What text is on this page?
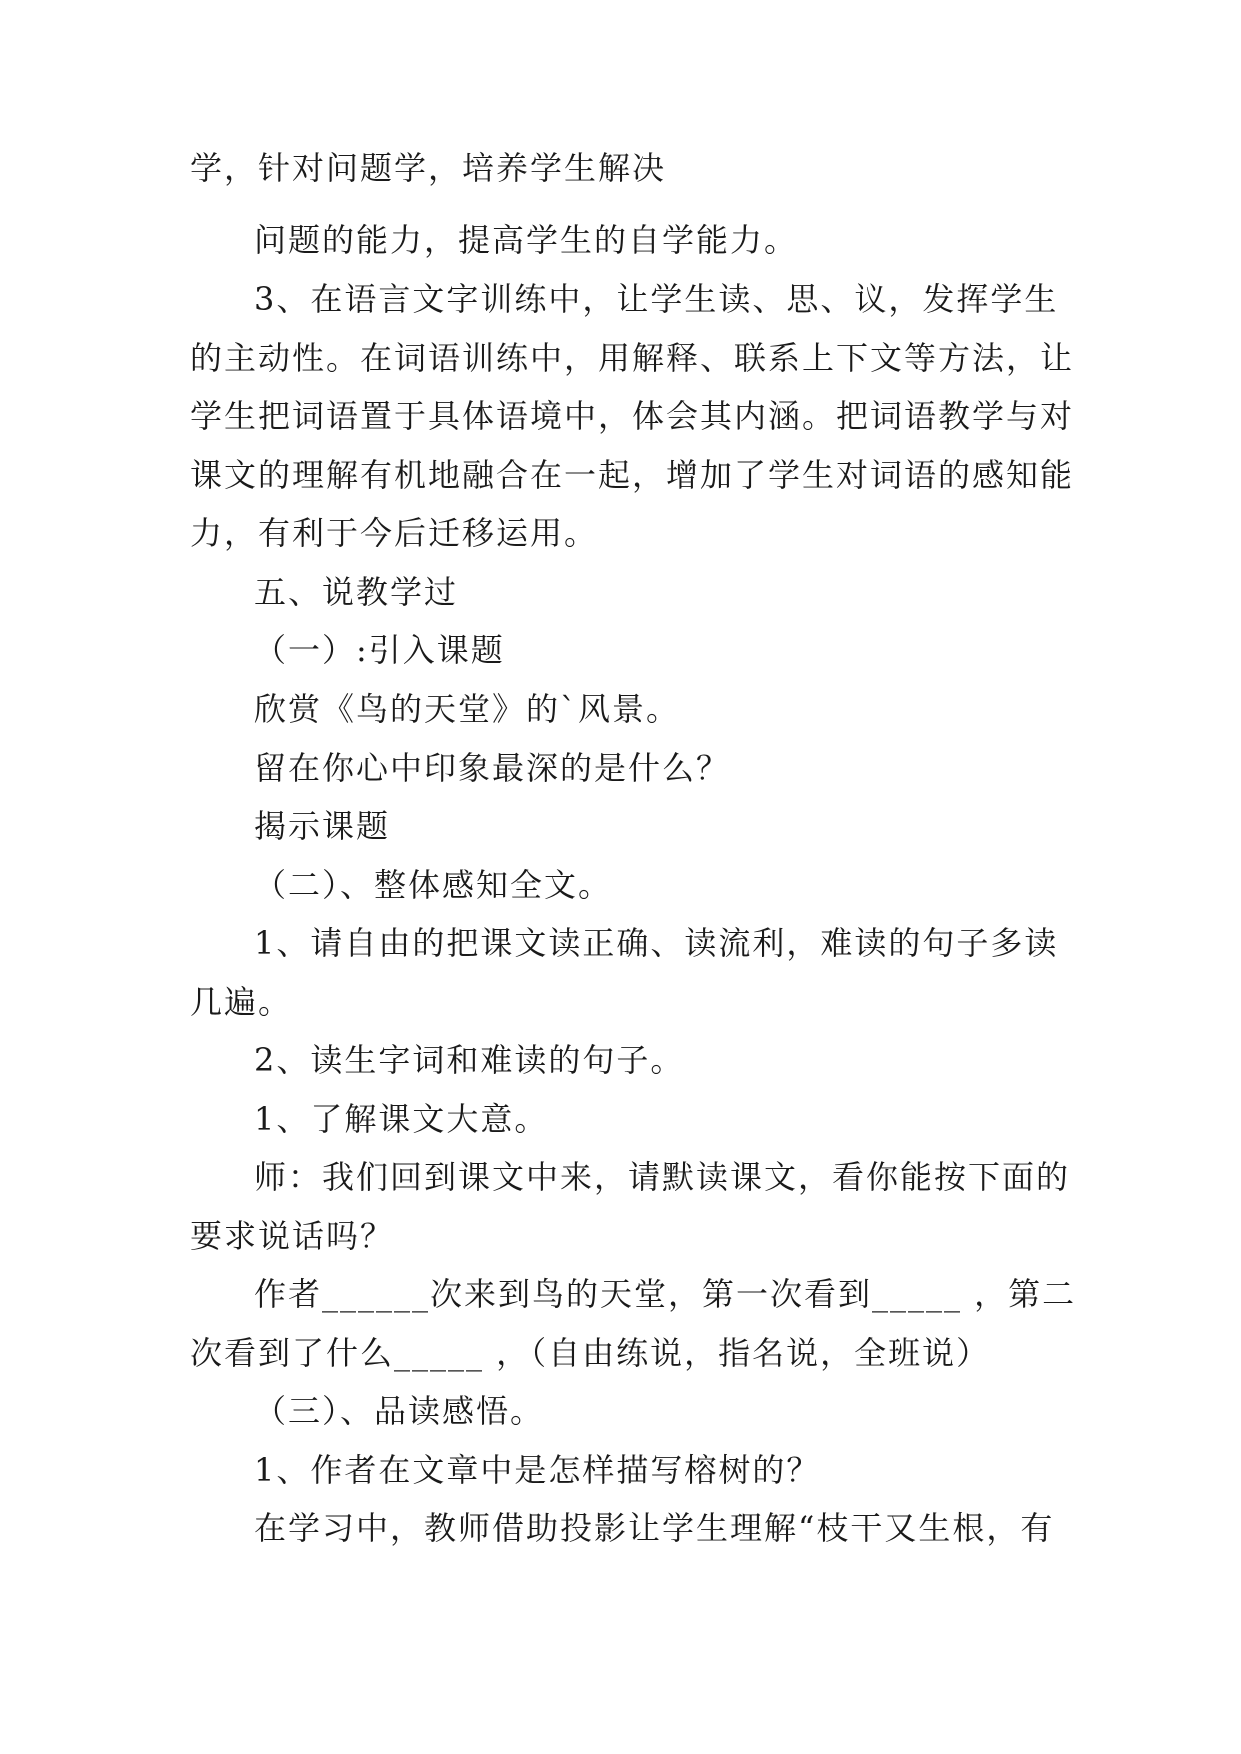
学，针对问题学，培养学生解决
问题的能力，提高学生的自学能力。
3、在语言文字训练中，让学生读、思、议，发挥学生
的主动性。在词语训练中，用解释、联系上下文等方法，让
学生把词语置于具体语境中，体会其内涵。把词语教学与对
课文的理解有机地融合在一起，增加了学生对词语的感知能
力，有利于今后迁移运用。
五、说教学过
（一）:引入课题
欣赏《鸟的天堂》的`风景。
留在你心中印象最深的是什么？
揭示课题
（二）、整体感知全文。
1、请自由的把课文读正确、读流利，难读的句子多读
几遍。
2、读生字词和难读的句子。
1、了解课文大意。
师：我们回到课文中来，请默读课文，看你能按下面的
要求说话吗？
作者______次来到鸟的天堂，第一次看到_____ ，第二
次看到了什么_____ ，（自由练说，指名说，全班说）
（三）、品读感悟。
1、作者在文章中是怎样描写榕树的？
在学习中，教师借助投影让学生理解“枝干又生根，有
